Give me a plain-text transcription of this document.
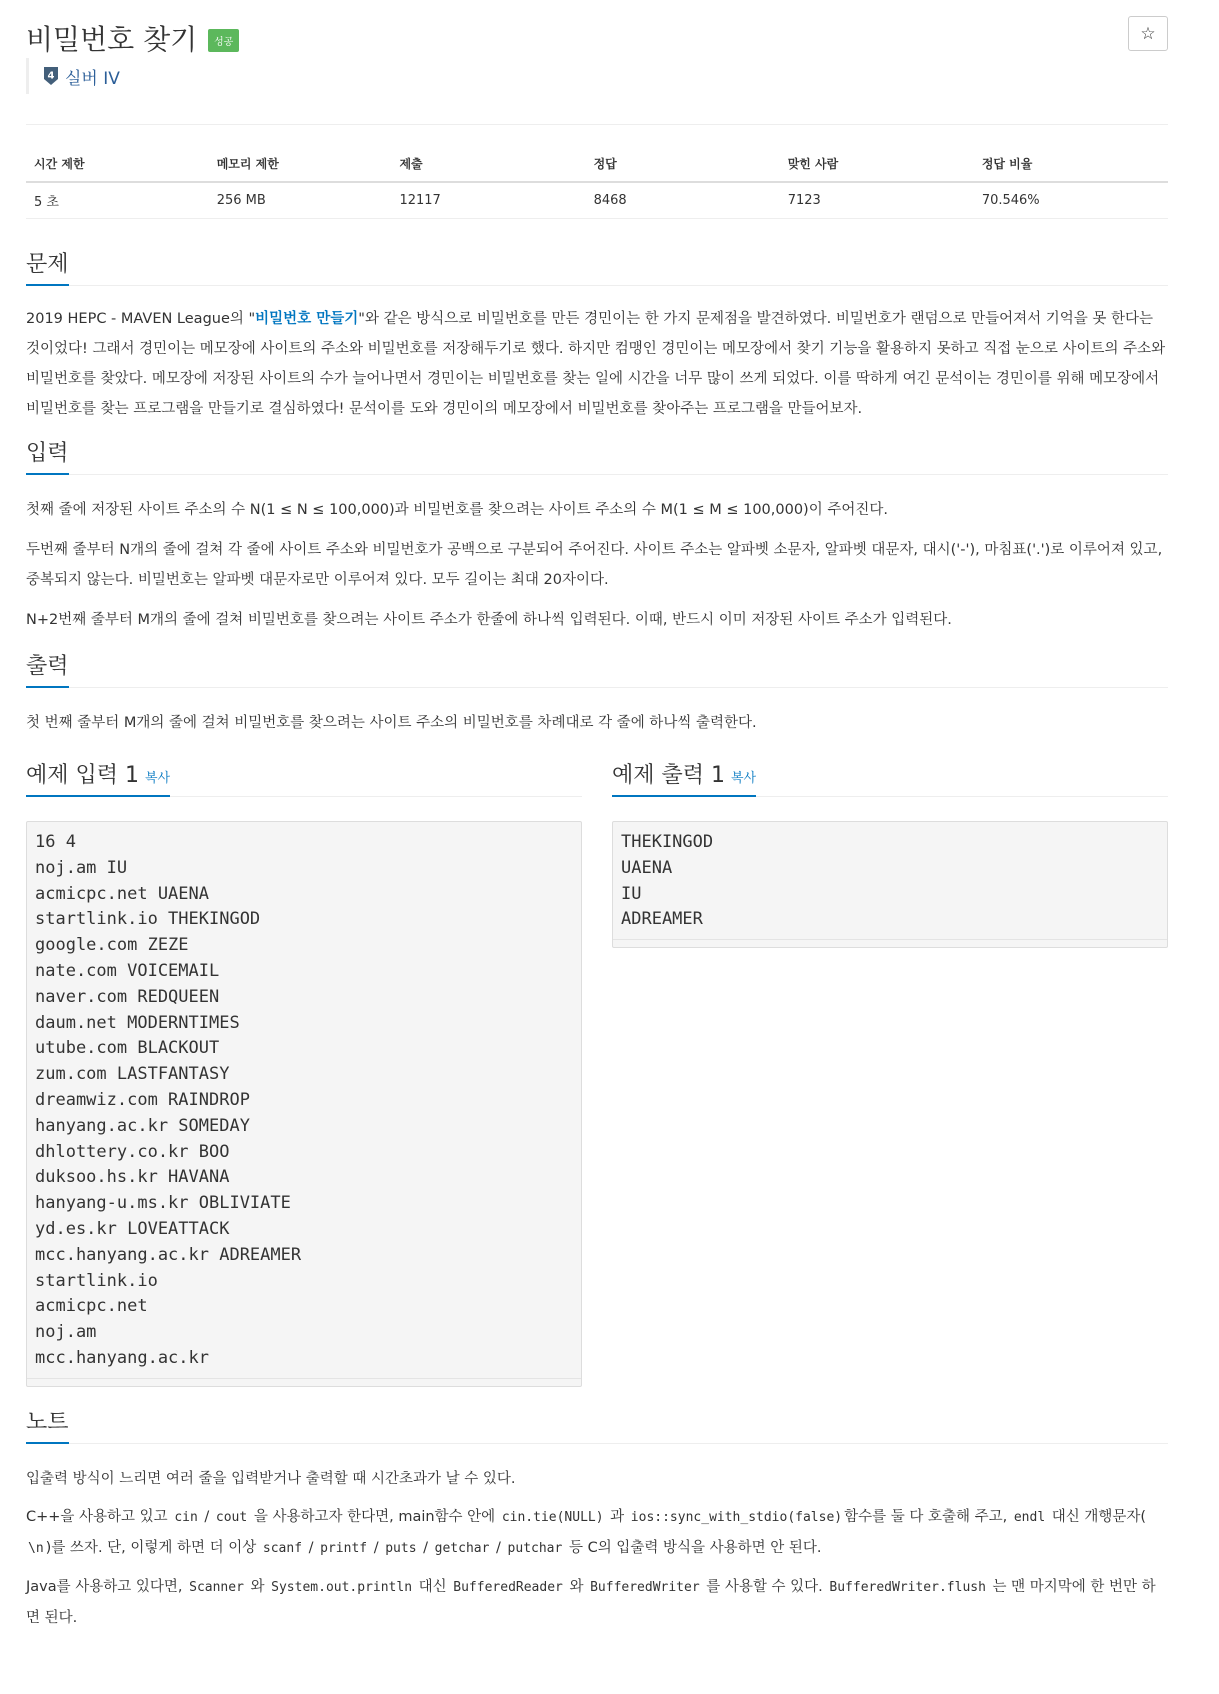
비밀번호 찾기 성공	☆
4 실버 IV
시간 제한	메모리 제한	제출	정답	맞힌 사람	정답 비율
5 초	256 MB	12117	8468	7123	70.546%
문제

2019 HEPC - MAVEN League의 "비밀번호 만들기"와 같은 방식으로 비밀번호를 만든 경민이는 한 가지 문제점을 발견하였다. 비밀번호가 랜덤으로 만들어져서 기억을 못 한다는 것이었다! 그래서 경민이는 메모장에 사이트의 주소와 비밀번호를 저장해두기로 했다. 하지만 컴맹인 경민이는 메모장에서 찾기 기능을 활용하지 못하고 직접 눈으로 사이트의 주소와 비밀번호를 찾았다. 메모장에 저장된 사이트의 수가 늘어나면서 경민이는 비밀번호를 찾는 일에 시간을 너무 많이 쓰게 되었다. 이를 딱하게 여긴 문석이는 경민이를 위해 메모장에서 비밀번호를 찾는 프로그램을 만들기로 결심하였다! 문석이를 도와 경민이의 메모장에서 비밀번호를 찾아주는 프로그램을 만들어보자.

입력

첫째 줄에 저장된 사이트 주소의 수 N(1 ≤ N ≤ 100,000)과 비밀번호를 찾으려는 사이트 주소의 수 M(1 ≤ M ≤ 100,000)이 주어진다.

두번째 줄부터 N개의 줄에 걸쳐 각 줄에 사이트 주소와 비밀번호가 공백으로 구분되어 주어진다. 사이트 주소는 알파벳 소문자, 알파벳 대문자, 대시('-'), 마침표('.')로 이루어져 있고, 중복되지 않는다. 비밀번호는 알파벳 대문자로만 이루어져 있다. 모두 길이는 최대 20자이다.

N+2번째 줄부터 M개의 줄에 걸쳐 비밀번호를 찾으려는 사이트 주소가 한줄에 하나씩 입력된다. 이때, 반드시 이미 저장된 사이트 주소가 입력된다.

출력

첫 번째 줄부터 M개의 줄에 걸쳐 비밀번호를 찾으려는 사이트 주소의 비밀번호를 차례대로 각 줄에 하나씩 출력한다.

예제 입력 1 복사
16 4
noj.am IU
acmicpc.net UAENA
startlink.io THEKINGOD
google.com ZEZE
nate.com VOICEMAIL
naver.com REDQUEEN
daum.net MODERNTIMES
utube.com BLACKOUT
zum.com LASTFANTASY
dreamwiz.com RAINDROP
hanyang.ac.kr SOMEDAY
dhlottery.co.kr BOO
duksoo.hs.kr HAVANA
hanyang-u.ms.kr OBLIVIATE
yd.es.kr LOVEATTACK
mcc.hanyang.ac.kr ADREAMER
startlink.io
acmicpc.net
noj.am
mcc.hanyang.ac.kr
예제 출력 1 복사
THEKINGOD
UAENA
IU
ADREAMER
노트

입출력 방식이 느리면 여러 줄을 입력받거나 출력할 때 시간초과가 날 수 있다.

C++을 사용하고 있고 cin / cout 을 사용하고자 한다면, main함수 안에 cin.tie(NULL) 과 ios::sync_with_stdio(false) 함수를 둘 다 호출해 주고, endl 대신 개행문자( \n )를 쓰자. 단, 이렇게 하면 더 이상 scanf / printf / puts / getchar / putchar 등 C의 입출력 방식을 사용하면 안 된다.

Java를 사용하고 있다면, Scanner 와 System.out.println 대신 BufferedReader 와 BufferedWriter 를 사용할 수 있다. BufferedWriter.flush 는 맨 마지막에 한 번만 하면 된다.
